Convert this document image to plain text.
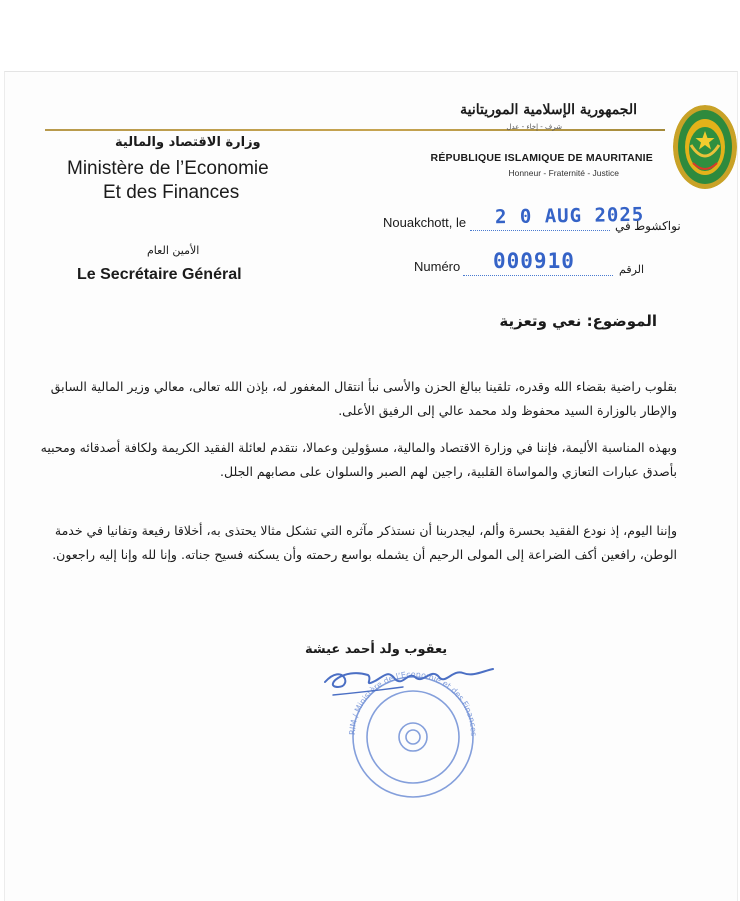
الجمهورية الإسلامية الموريتانية
شرف - إخاء - عدل
RÉPUBLIQUE ISLAMIQUE DE MAURITANIE
Honneur - Fraternité - Justice
وزارة الاقتصاد والمالية
Ministère de l’Economie
Et des Finances
الأمين العام
Le Secrétaire Général
Nouakchott, le 2 0 AUG 2025
نواكشوط في
Numéro 000910	الرقم
الموضوع: نعي وتعزية
بقلوب راضية بقضاء الله وقدره، تلقينا ببالغ الحزن والأسى نبأ انتقال المغفور له، بإذن الله تعالى، معالي وزير المالية السابق والإطار بالوزارة السيد محفوظ ولد محمد عالي إلى الرفيق الأعلى.
وبهذه المناسبة الأليمة، فإننا في وزارة الاقتصاد والمالية، مسؤولين وعمالا، نتقدم لعائلة الفقيد الكريمة ولكافة أصدقائه ومحبيه بأصدق عبارات التعازي والمواساة القلبية، راجين لهم الصبر والسلوان على مصابهم الجلل.
وإننا اليوم، إذ نودع الفقيد بحسرة وألم، ليجدربنا أن نستذكر مآثره التي تشكل مثالا يحتذى به، أخلاقا رفيعة وتفانيا في خدمة الوطن، رافعين أكف الضراعة إلى المولى الرحيم أن يشمله بواسع رحمته وأن يسكنه فسيح جناته. وإنا لله وإنا إليه راجعون.
يعقوب ولد أحمد عيشة
RIM / Ministère de l’Economie et des Finances
